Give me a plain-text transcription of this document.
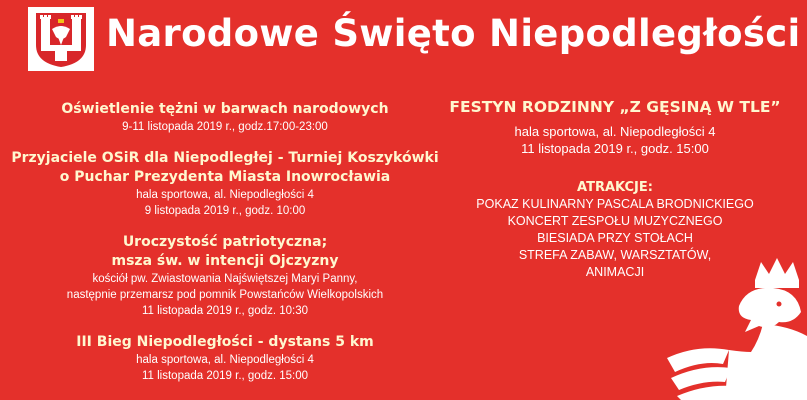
Narodowe Święto Niepodległości
Oświetlenie tężni w barwach narodowych
9-11 listopada 2019 r., godz.17:00-23:00
Przyjaciele OSiR dla Niepodległej - Turniej Koszykówki
o Puchar Prezydenta Miasta Inowrocławia
hala sportowa, al. Niepodległości 4
9 listopada 2019 r., godz. 10:00
Uroczystość patriotyczna;
msza św. w intencji Ojczyzny
kościół pw. Zwiastowania Najświętszej Maryi Panny,
następnie przemarsz pod pomnik Powstańców Wielkopolskich
11 listopada 2019 r., godz. 10:30
III Bieg Niepodległości - dystans 5 km
hala sportowa, al. Niepodległości 4
11 listopada 2019 r., godz. 15:00
FESTYN RODZINNY „Z GĘSINĄ W TLE”
hala sportowa, al. Niepodległości 4
11 listopada 2019 r., godz. 15:00
ATRAKCJE:
POKAZ KULINARNY PASCALA BRODNICKIEGO
KONCERT ZESPOŁU MUZYCZNEGO
BIESIADA PRZY STOŁACH
STREFA ZABAW, WARSZTATÓW,
ANIMACJI
